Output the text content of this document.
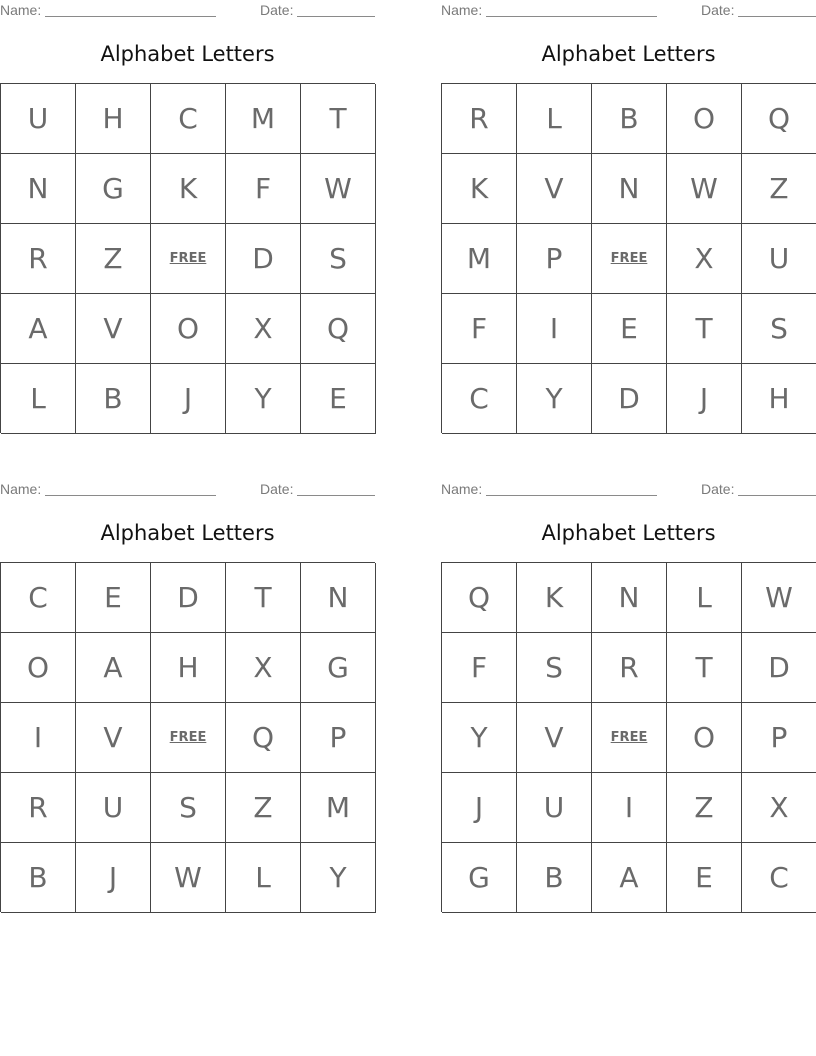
Name:	Date:
Alphabet Letters
U	H	C	M	T
N	G	K	F	W
R	Z	FREE	D	S
A	V	O	X	Q
L	B	J	Y	E
Name:	Date:
Alphabet Letters
R	L	B	O	Q
K	V	N	W	Z
M	P	FREE	X	U
F	I	E	T	S
C	Y	D	J	H
Name:	Date:
Alphabet Letters
C	E	D	T	N
O	A	H	X	G
I	V	FREE	Q	P
R	U	S	Z	M
B	J	W	L	Y
Name:	Date:
Alphabet Letters
Q	K	N	L	W
F	S	R	T	D
Y	V	FREE	O	P
J	U	I	Z	X
G	B	A	E	C
